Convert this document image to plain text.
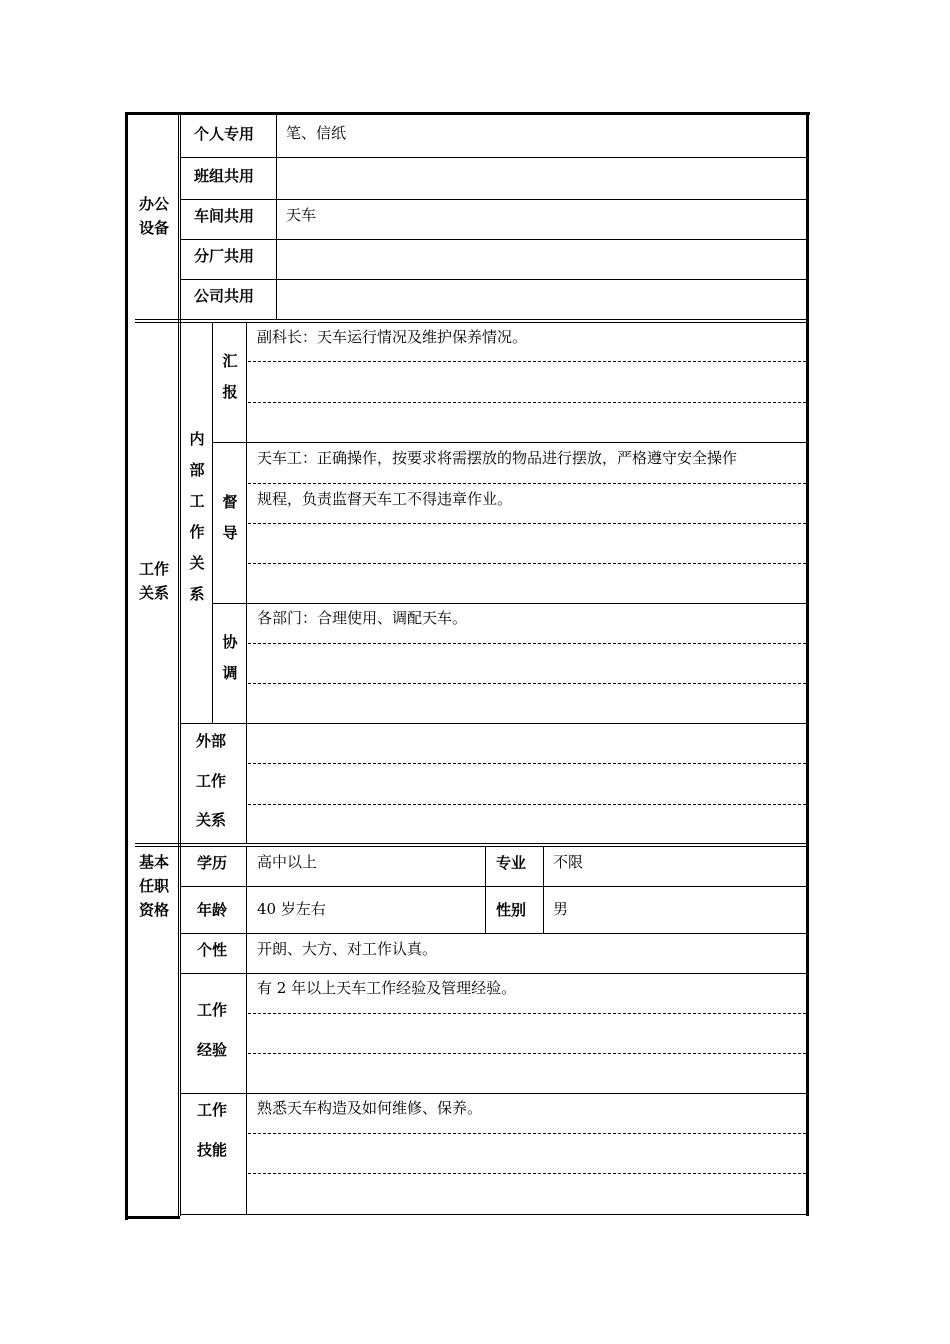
办公
设备
个人专用 笔、信纸
班组共用
车间共用 天车
分厂共用
公司共用
工作
关系
内部工作关系
汇报
副科长：天车运行情况及维护保养情况。
督导
天车工：正确操作，按要求将需摆放的物品进行摆放，严格遵守安全操作
规程，负责监督天车工不得违章作业。
协调
各部门：合理使用、调配天车。
外部
工作
关系
基本
任职
资格
学历 高中以上	专业 不限
年龄 40 岁左右	性别 男
个性 开朗、大方、对工作认真。
工作
经验
有 2 年以上天车工作经验及管理经验。
工作
技能
熟悉天车构造及如何维修、保养。
